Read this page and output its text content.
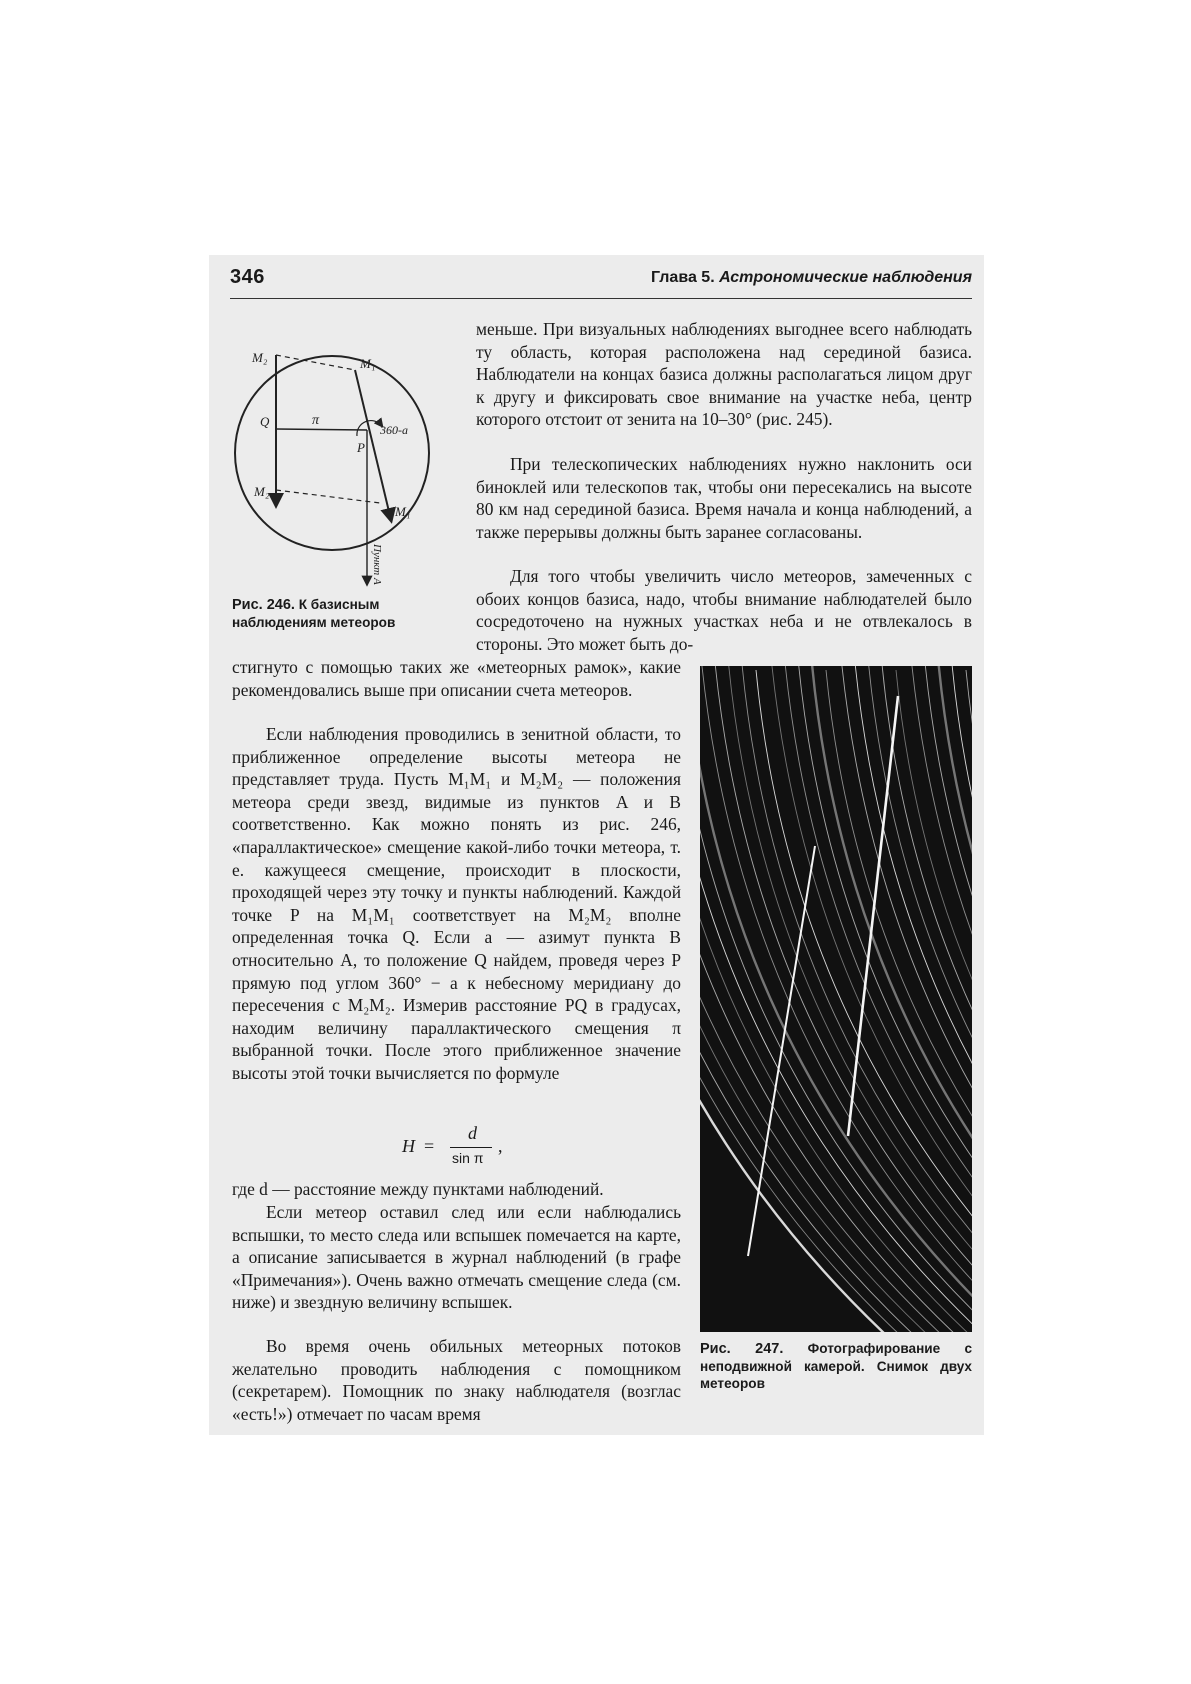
346	Глава 5. Астрономические наблюдения
M₂	M₁
Q	π
360-a
P
M₂
M₁
Пункт А

Рис. 246. К базисным наблюдениям метеоров

меньше. При визуальных наблюдениях выгоднее всего наблюдать ту область, которая расположена над серединой базиса. Наблюдатели на концах базиса должны располагаться лицом друг к другу и фиксировать свое внимание на участке неба, центр которого отстоит от зенита на 10–30° (рис. 245).

При телескопических наблюдениях нужно наклонить оси биноклей или телескопов так, чтобы они пересекались на высоте 80 км над серединой базиса. Время начала и конца наблюдений, а также перерывы должны быть заранее согласованы.

Для того чтобы увеличить число метеоров, замеченных с обоих концов базиса, надо, чтобы внимание наблюдателей было сосредоточено на нужных участках неба и не отвлекалось в стороны. Это может быть до-

стигнуто с помощью таких же «метеорных рамок», какие рекомендовались выше при описании счета метеоров.

Если наблюдения проводились в зенитной области, то приближенное определение высоты метеора не представляет труда. Пусть M₁M₁ и M₂M₂ — положения метеора среди звезд, видимые из пунктов A и B соответственно. Как можно понять из рис. 246, «параллактическое» смещение какой-либо точки метеора, т. е. кажущееся смещение, происходит в плоскости, проходящей через эту точку и пункты наблюдений. Каждой точке P на M₁M₁ соответствует на M₂M₂ вполне определенная точка Q. Если a — азимут пункта B относительно A, то положение Q найдем, проведя через P прямую под углом 360° − a к небесному меридиану до пересечения с M₂M₂. Измерив расстояние PQ в градусах, находим величину параллактического смещения π выбранной точки. После этого приближенное значение высоты этой точки вычисляется по формуле

H =
d
sin π
,

где d — расстояние между пунктами наблюдений.

Если метеор оставил след или если наблюдались вспышки, то место следа или вспышек помечается на карте, а описание записывается в журнал наблюдений (в графе «Примечания»). Очень важно отмечать смещение следа (см. ниже) и звездную величину вспышек.

Во время очень обильных метеорных потоков желательно проводить наблюдения с помощником (секретарем). Помощник по знаку наблюдателя (возглас «есть!») отмечает по часам время

Рис. 247. Фотографирование с неподвижной камерой. Снимок двух метеоров
